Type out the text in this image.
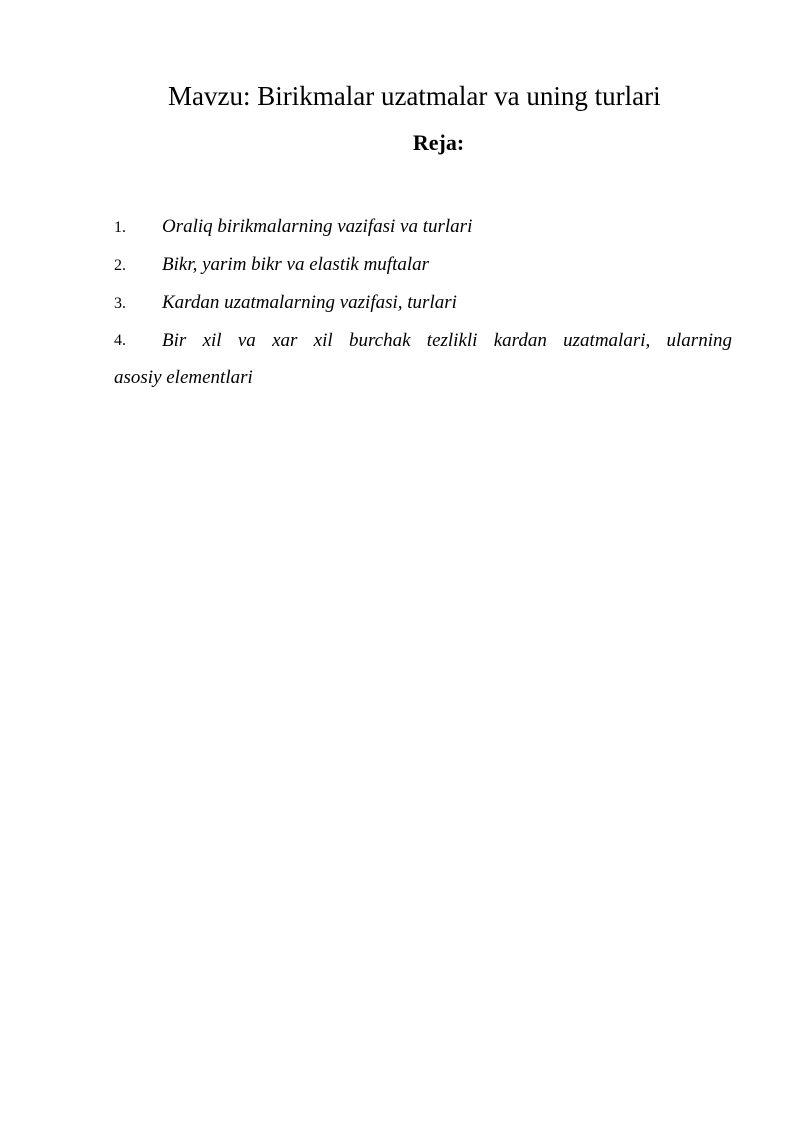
Mavzu: Birikmalar uzatmalar va uning turlari
Reja:
1. Oraliq birikmalarning vazifasi va turlari
2. Bikr, yarim bikr va elastik muftalar
3. Kardan uzatmalarning vazifasi, turlari
4.	Bir xil va xar xil burchak tezlikli kardan uzatmalari, ularning
asosiy elementlari
